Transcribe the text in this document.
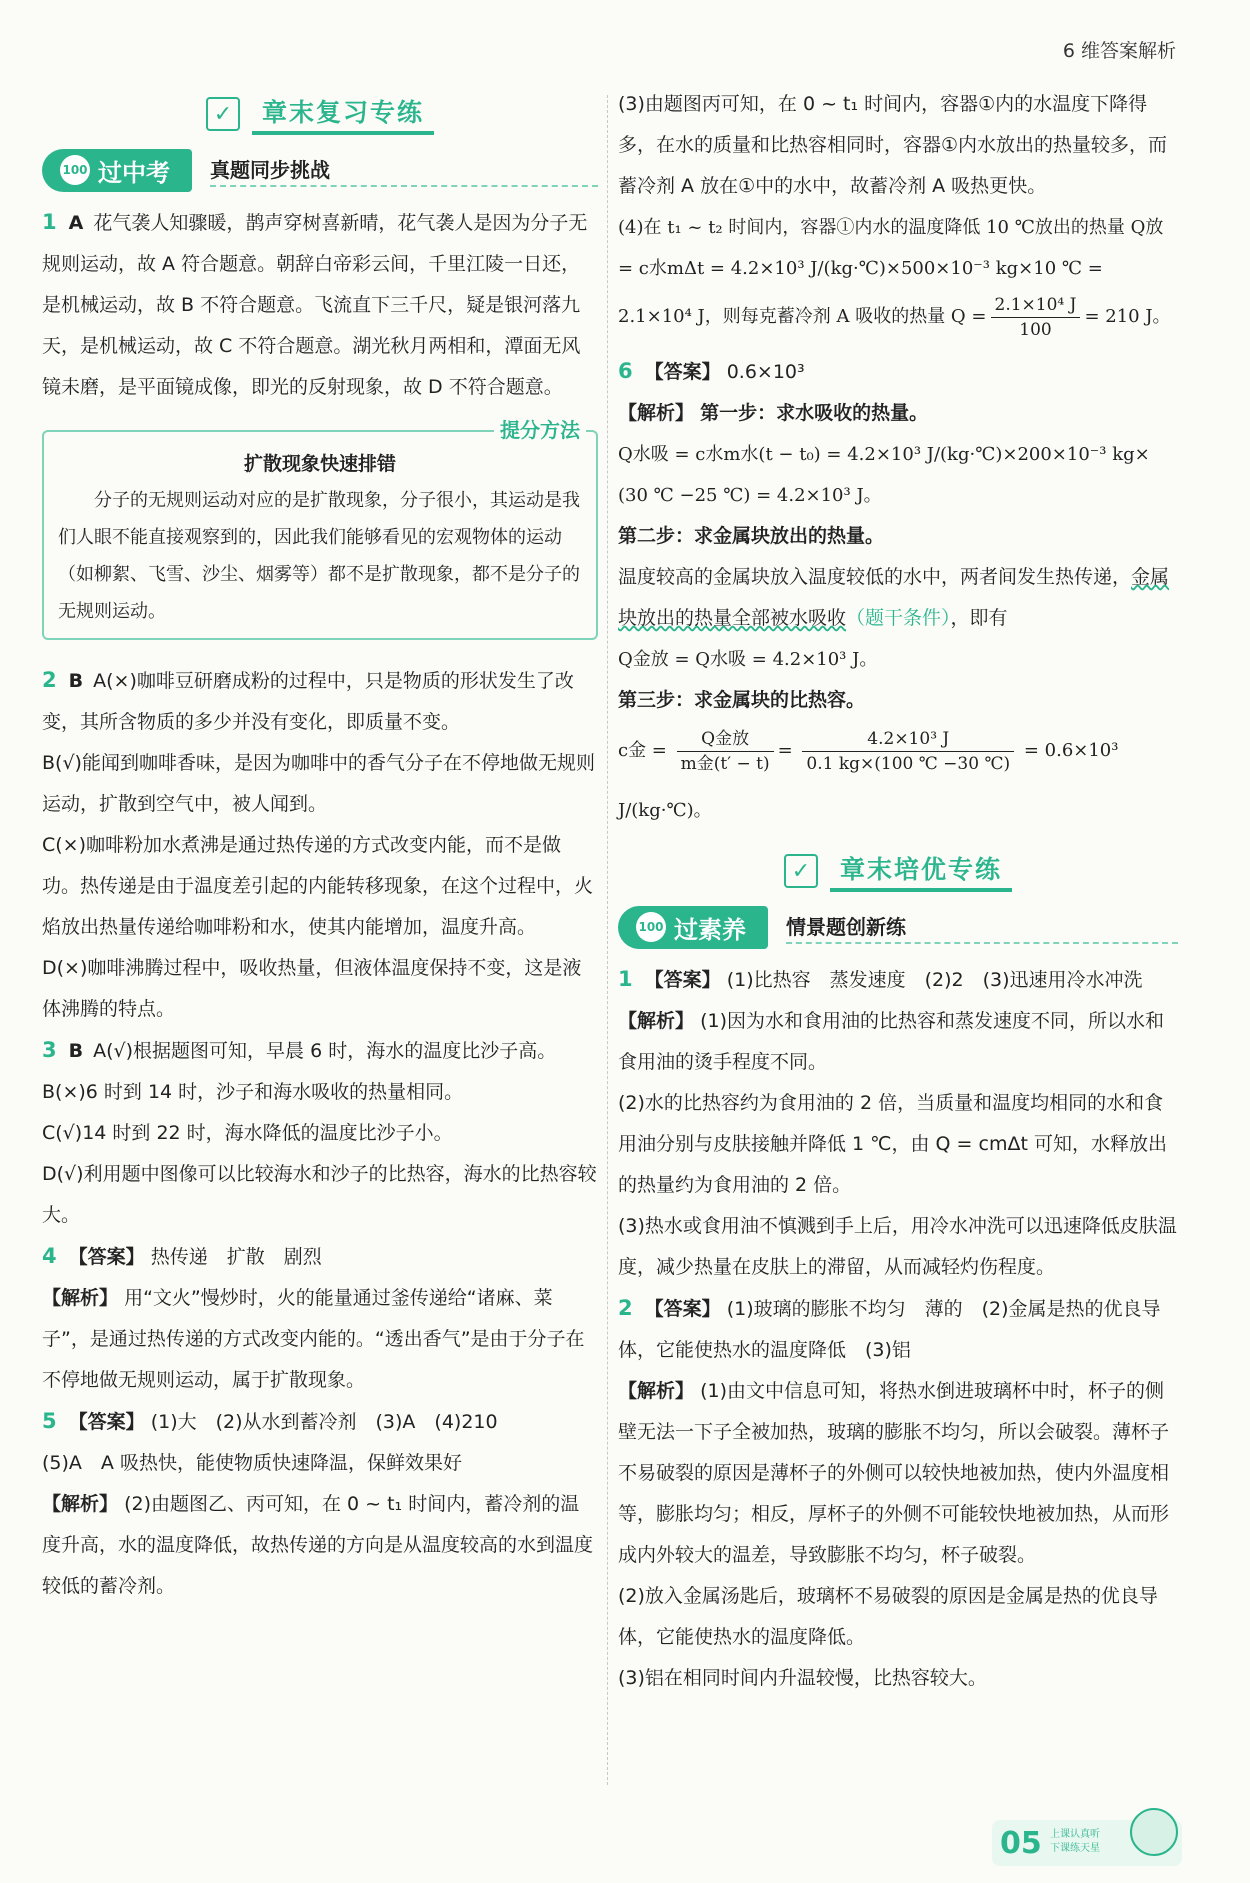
6 维答案解析
✓	章末复习专练
100 过中考 真题同步挑战

1 A 花气袭人知骤暖，鹊声穿树喜新晴，花气袭人是因为分子无规则运动，故 A 符合题意。朝辞白帝彩云间，千里江陵一日还，是机械运动，故 B 不符合题意。飞流直下三千尺，疑是银河落九天，是机械运动，故 C 不符合题意。湖光秋月两相和，潭面无风镜未磨，是平面镜成像，即光的反射现象，故 D 不符合题意。

提分方法
扩散现象快速排错
分子的无规则运动对应的是扩散现象，分子很小，其运动是我们人眼不能直接观察到的，因此我们能够看见的宏观物体的运动（如柳絮、飞雪、沙尘、烟雾等）都不是扩散现象，都不是分子的无规则运动。

2 B A(×)咖啡豆研磨成粉的过程中，只是物质的形状发生了改变，其所含物质的多少并没有变化，即质量不变。

B(√)能闻到咖啡香味，是因为咖啡中的香气分子在不停地做无规则运动，扩散到空气中，被人闻到。

C(×)咖啡粉加水煮沸是通过热传递的方式改变内能，而不是做功。热传递是由于温度差引起的内能转移现象，在这个过程中，火焰放出热量传递给咖啡粉和水，使其内能增加，温度升高。

D(×)咖啡沸腾过程中，吸收热量，但液体温度保持不变，这是液体沸腾的特点。

3 B A(√)根据题图可知，早晨 6 时，海水的温度比沙子高。

B(×)6 时到 14 时，沙子和海水吸收的热量相同。

C(√)14 时到 22 时，海水降低的温度比沙子小。

D(√)利用题中图像可以比较海水和沙子的比热容，海水的比热容较大。

4 【答案】 热传递　扩散　剧烈

【解析】 用“文火”慢炒时，火的能量通过釜传递给“诸麻、菜子”，是通过热传递的方式改变内能的。“透出香气”是由于分子在不停地做无规则运动，属于扩散现象。

5 【答案】 (1)大　(2)从水到蓄冷剂　(3)A　(4)210

(5)A　A 吸热快，能使物质快速降温，保鲜效果好

【解析】 (2)由题图乙、丙可知，在 0 ~ t₁ 时间内，蓄冷剂的温度升高，水的温度降低，故热传递的方向是从温度较高的水到温度较低的蓄冷剂。

(3)由题图丙可知，在 0 ~ t₁ 时间内，容器①内的水温度下降得多，在水的质量和比热容相同时，容器①内水放出的热量较多，而蓄冷剂 A 放在①中的水中，故蓄冷剂 A 吸热更快。

(4)在 t₁ ~ t₂ 时间内，容器①内水的温度降低 10 ℃放出的热量 Q放 = c水mΔt = 4.2×10³ J/(kg·℃)×500×10⁻³ kg×10 ℃ =

2.1×10⁴ J，则每克蓄冷剂 A 吸收的热量 $Q = \frac{\text{2.1×10⁴ J}}{100} = 210$ J。

6 【答案】 0.6×10³

【解析】 第一步：求水吸收的热量。

Q水吸 = c水m水(t − t₀) = 4.2×10³ J/(kg·℃)×200×10⁻³ kg×

(30 ℃ −25 ℃) = 4.2×10³ J。

第二步：求金属块放出的热量。

温度较高的金属块放入温度较低的水中，两者间发生热传递，金属块放出的热量全部被水吸收（题干条件），即有

Q金放 = Q水吸 = 4.2×10³ J。

第三步：求金属块的比热容。

c金 = $\frac{\text{Q金放}}{\text{m金(t′ − t)}} = \frac{\text{4.2×10³ J}}{0.1 kg\times(100 ℃ -30 ℃)} = 0.6\times 10^3$ J/(kg·℃)。

✓	章末培优专练
100 过素养 情景题创新练

1 【答案】 (1)比热容　蒸发速度　(2)2　(3)迅速用冷水冲洗

【解析】 (1)因为水和食用油的比热容和蒸发速度不同，所以水和食用油的烫手程度不同。

(2)水的比热容约为食用油的 2 倍，当质量和温度均相同的水和食用油分别与皮肤接触并降低 1 ℃，由 Q = cmΔt 可知，水释放出的热量约为食用油的 2 倍。

(3)热水或食用油不慎溅到手上后，用冷水冲洗可以迅速降低皮肤温度，减少热量在皮肤上的滞留，从而减轻灼伤程度。

2 【答案】 (1)玻璃的膨胀不均匀　薄的　(2)金属是热的优良导体，它能使热水的温度降低　(3)铝

【解析】 (1)由文中信息可知，将热水倒进玻璃杯中时，杯子的侧壁无法一下子全被加热，玻璃的膨胀不均匀，所以会破裂。薄杯子不易破裂的原因是薄杯子的外侧可以较快地被加热，使内外温度相等，膨胀均匀；相反，厚杯子的外侧不可能较快地被加热，从而形成内外较大的温差，导致膨胀不均匀，杯子破裂。

(2)放入金属汤匙后，玻璃杯不易破裂的原因是金属是热的优良导体，它能使热水的温度降低。

(3)铝在相同时间内升温较慢，比热容较大。

05 上课认真听
下课练天星
